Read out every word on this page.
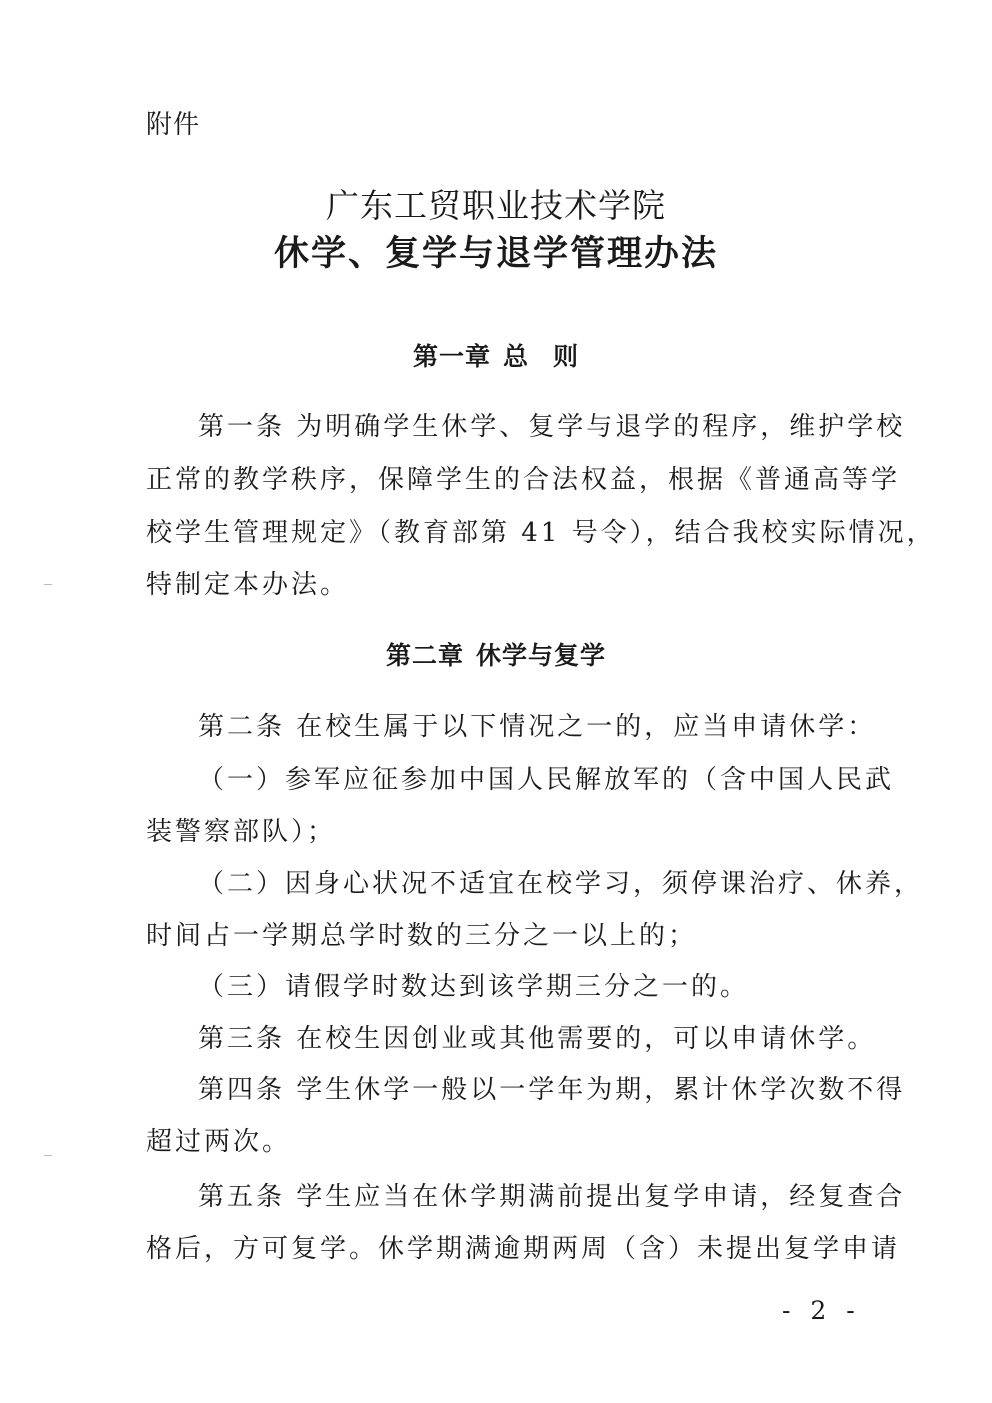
附件
广东工贸职业技术学院
休学、复学与退学管理办法
第一章 总 则
第一条 为明确学生休学、复学与退学的程序，维护学校
正常的教学秩序，保障学生的合法权益，根据《普通高等学
校学生管理规定》（教育部第 41 号令），结合我校实际情况，
特制定本办法。
第二章 休学与复学
第二条 在校生属于以下情况之一的，应当申请休学：
（一）参军应征参加中国人民解放军的（含中国人民武
装警察部队）；
（二）因身心状况不适宜在校学习，须停课治疗、休养，
时间占一学期总学时数的三分之一以上的；
（三）请假学时数达到该学期三分之一的。
第三条 在校生因创业或其他需要的，可以申请休学。
第四条 学生休学一般以一学年为期，累计休学次数不得
超过两次。
第五条 学生应当在休学期满前提出复学申请，经复查合
格后，方可复学。休学期满逾期两周（含）未提出复学申请
- 2 -
